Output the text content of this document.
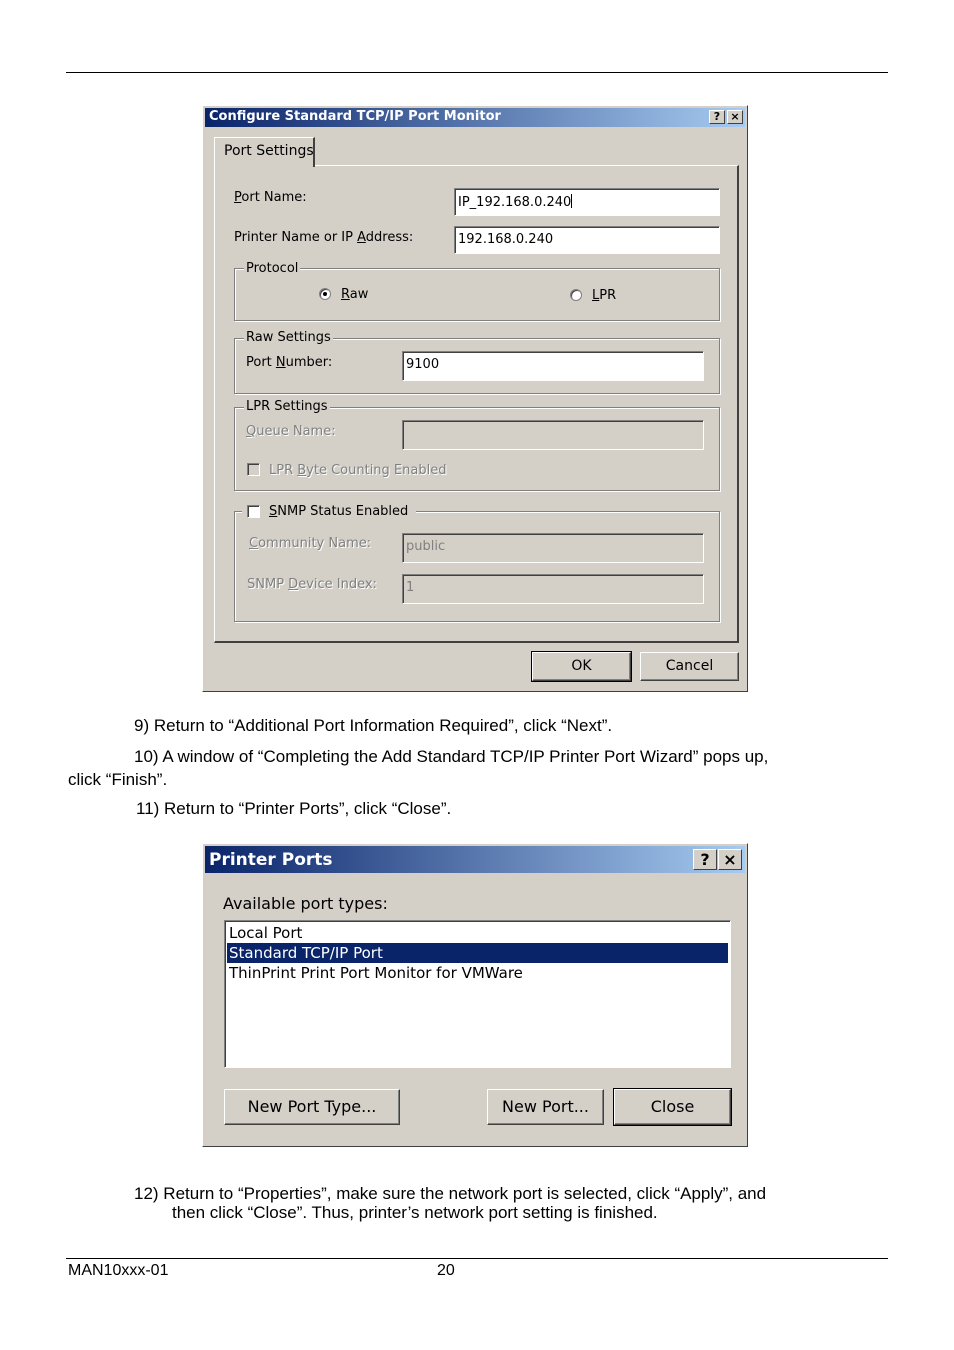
Configure Standard TCP/IP Port Monitor	? ×
Port Settings
Port Name:	IP_192.168.0.240
Printer Name or IP Address:	192.168.0.240
Protocol
Raw	LPR
Raw Settings
Port Number:	9100
LPR Settings
Queue Name:
LPR Byte Counting Enabled
SNMP Status Enabled
Community Name:	public
SNMP Device Index:	1
OK	Cancel
9) Return to “Additional Port Information Required”, click “Next”.
10) A window of “Completing the Add Standard TCP/IP Printer Port Wizard” pops up,
click “Finish”.
11) Return to “Printer Ports”, click “Close”.
Printer Ports	? ×
Available port types:
Local Port
Standard TCP/IP Port
ThinPrint Print Port Monitor for VMWare
New Port Type...	New Port...	Close
12) Return to “Properties”, make sure the network port is selected, click “Apply”, and
then click “Close”. Thus, printer’s network port setting is finished.
MAN10xxx-01	20
